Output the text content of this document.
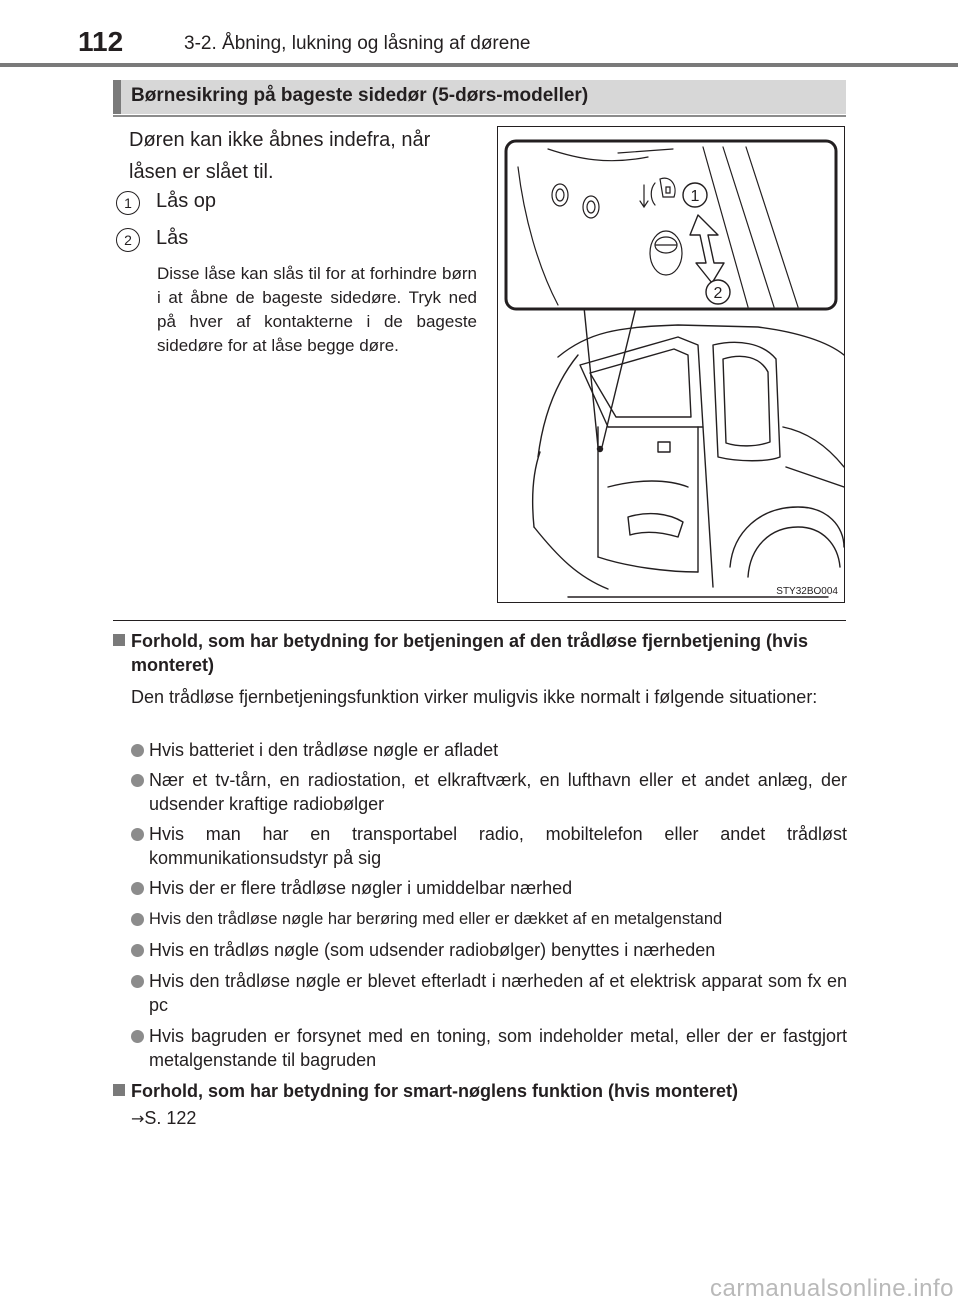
112	3-2. Åbning, lukning og låsning af dørene
Børnesikring på bageste sidedør (5-dørs-modeller)
Døren kan ikke åbnes indefra, når låsen er slået til.
1	Lås op
2	Lås
Disse låse kan slås til for at forhindre børn i at åbne de bageste sidedøre. Tryk ned på hver af kontakterne i de bageste sidedøre for at låse begge døre.
1
2
STY32BO004
Forhold, som har betydning for betjeningen af den trådløse fjernbetjening (hvis monteret)
Den trådløse fjernbetjeningsfunktion virker muligvis ikke normalt i følgende situationer:
Hvis batteriet i den trådløse nøgle er afladet
Nær et tv-tårn, en radiostation, et elkraftværk, en lufthavn eller et andet anlæg, der udsender kraftige radiobølger
Hvis man har en transportabel radio, mobiltelefon eller andet trådløst kommunikationsudstyr på sig
Hvis der er flere trådløse nøgler i umiddelbar nærhed
Hvis den trådløse nøgle har berøring med eller er dækket af en metalgenstand
Hvis en trådløs nøgle (som udsender radiobølger) benyttes i nærheden
Hvis den trådløse nøgle er blevet efterladt i nærheden af et elektrisk apparat som fx en pc
Hvis bagruden er forsynet med en toning, som indeholder metal, eller der er fastgjort metalgenstande til bagruden
Forhold, som har betydning for smart-nøglens funktion (hvis monteret)
→S. 122
carmanualsonline.info
